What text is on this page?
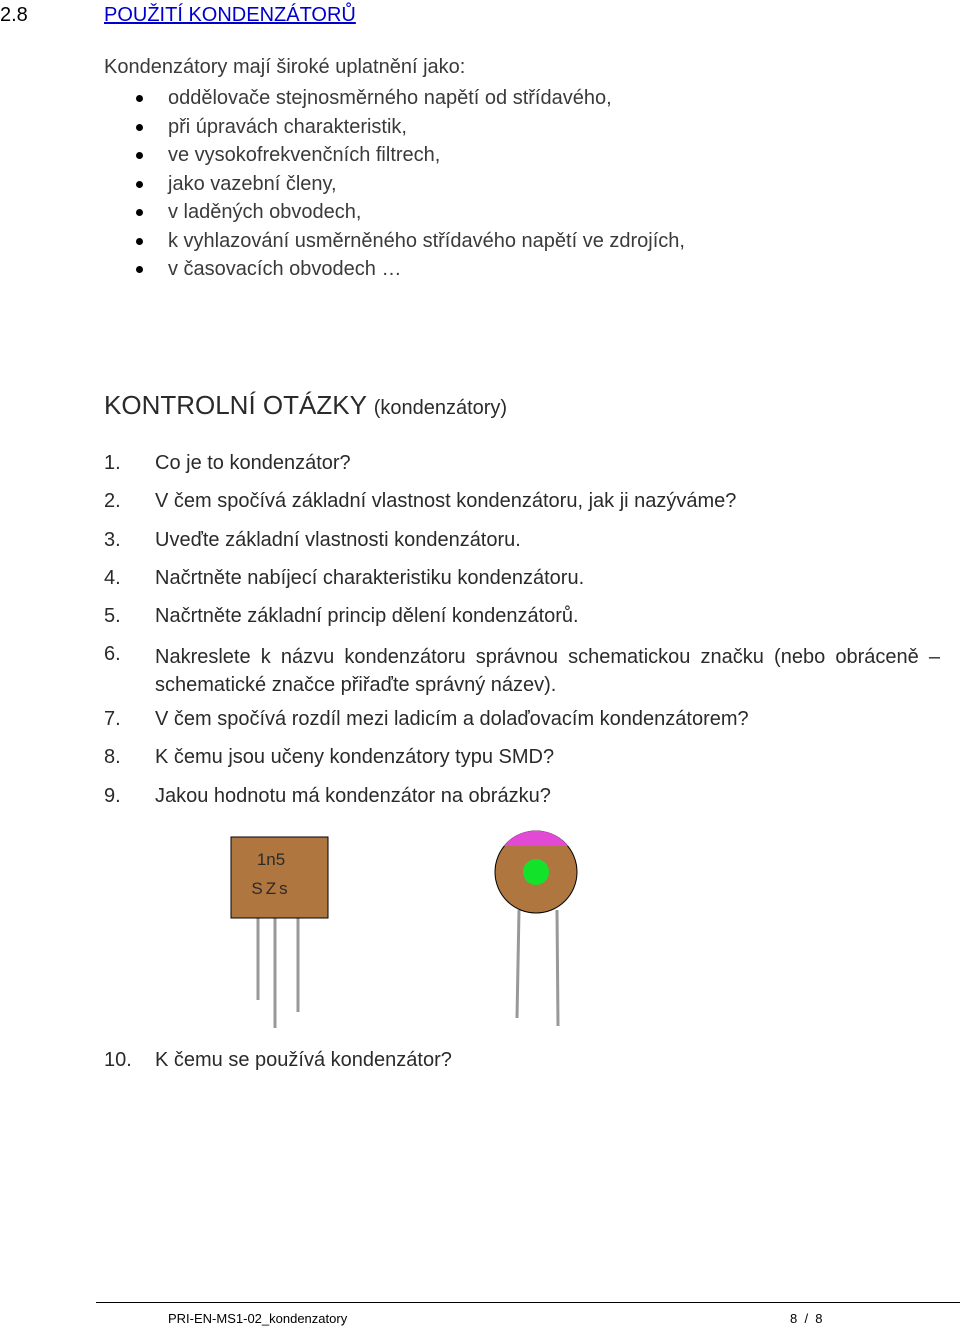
2.8	POUŽITÍ KONDENZÁTORŮ
Kondenzátory mají široké uplatnění jako:
oddělovače stejnosměrného napětí od střídavého,
při úpravách charakteristik,
ve vysokofrekvenčních filtrech,
jako vazební členy,
v laděných obvodech,
k vyhlazování usměrněného střídavého napětí ve zdrojích,
v časovacích obvodech …
KONTROLNÍ OTÁZKY (kondenzátory)
1. Co je to kondenzátor?
2. V čem spočívá základní vlastnost kondenzátoru, jak ji nazýváme?
3. Uveďte základní vlastnosti kondenzátoru.
4. Načrtněte nabíjecí charakteristiku kondenzátoru.
5. Načrtněte základní princip dělení kondenzátorů.
6. Nakreslete k názvu kondenzátoru správnou schematickou značku (nebo obráceně – schematické značce přiřaďte správný název).
7. V čem spočívá rozdíl mezi ladicím a dolaďovacím kondenzátorem?
8. K čemu jsou učeny kondenzátory typu SMD?
9. Jakou hodnotu má kondenzátor na obrázku?
1n5
SZs
10. K čemu se používá kondenzátor?
PRI-EN-MS1-02_kondenzatory	8  /  8
